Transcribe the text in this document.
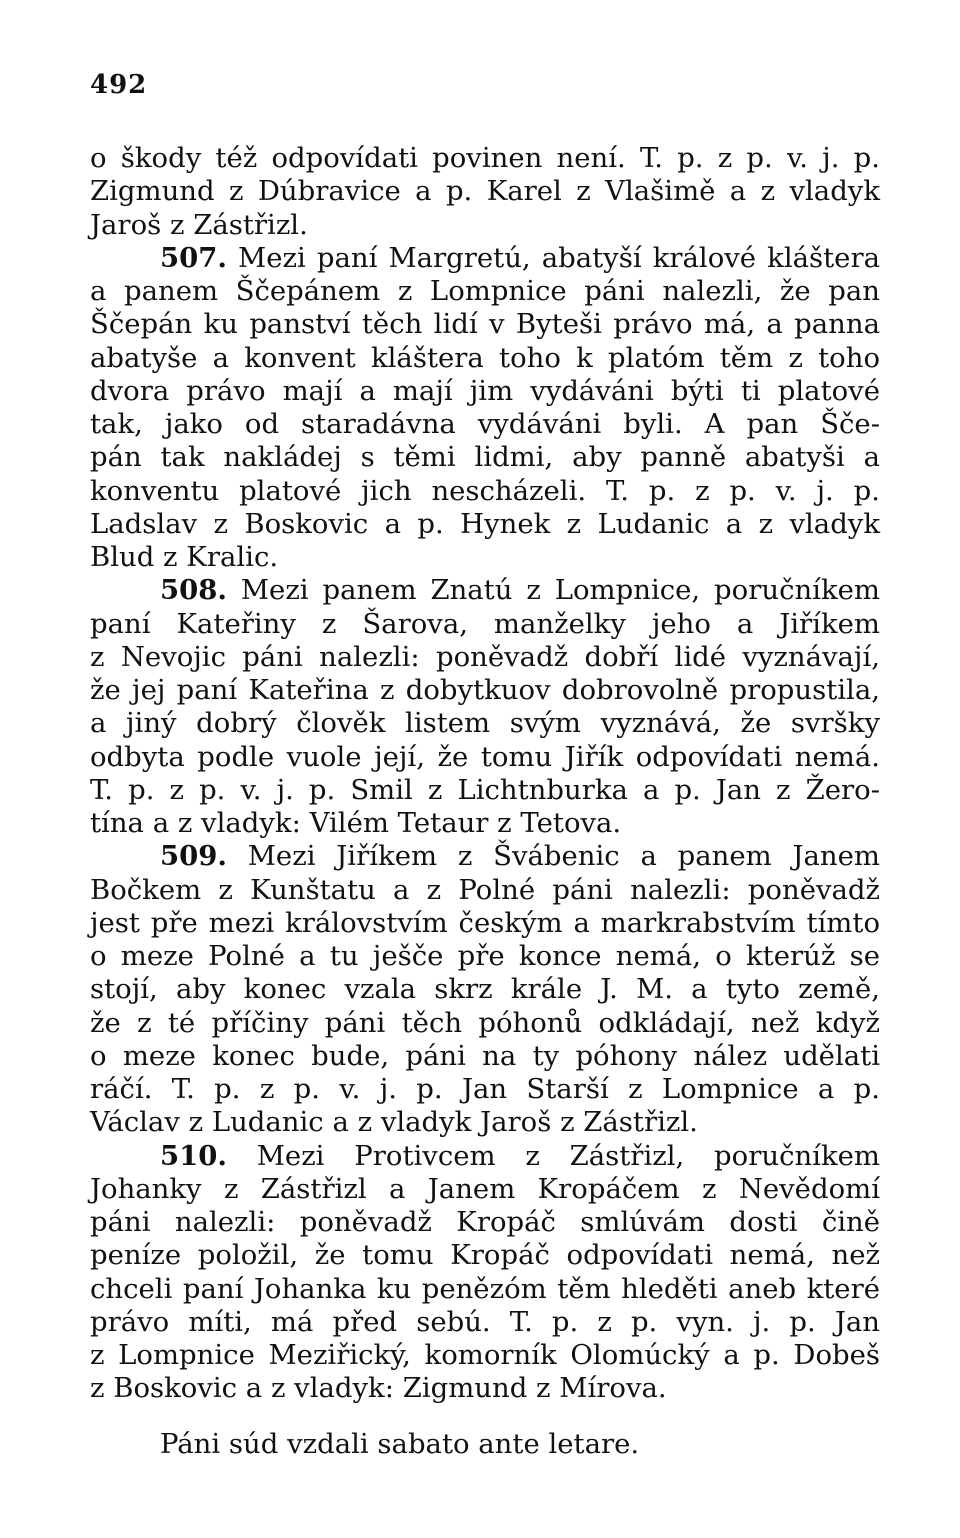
492
o škody též odpovídati povinen není. T. p. z p. v. j. p.
Zigmund z Dúbravice a p. Karel z Vlašimě a z vladyk
Jaroš z Zástřizl.
507. Mezi paní Margretú, abatyší králové kláštera
a panem Ščepánem z Lompnice páni nalezli, že pan
Ščepán ku panství těch lidí v Byteši právo má, a panna
abatyše a konvent kláštera toho k platóm těm z toho
dvora právo mají a mají jim vydáváni býti ti platové
tak, jako od staradávna vydáváni byli. A pan Šče-
pán tak nakládej s těmi lidmi, aby panně abatyši a
konventu platové jich nescházeli. T. p. z p. v. j. p.
Ladslav z Boskovic a p. Hynek z Ludanic a z vladyk
Blud z Kralic.
508. Mezi panem Znatú z Lompnice, poručníkem
paní Kateřiny z Šarova, manželky jeho a Jiříkem
z Nevojic páni nalezli: poněvadž dobří lidé vyznávají,
že jej paní Kateřina z dobytkuov dobrovolně propustila,
a jiný dobrý člověk listem svým vyznává, že svršky
odbyta podle vuole její, že tomu Jiřík odpovídati nemá.
T. p. z p. v. j. p. Smil z Lichtnburka a p. Jan z Žero-
tína a z vladyk: Vilém Tetaur z Tetova.
509. Mezi Jiříkem z Švábenic a panem Janem
Bočkem z Kunštatu a z Polné páni nalezli: poněvadž
jest pře mezi královstvím českým a markrabstvím tímto
o meze Polné a tu ješče pře konce nemá, o kterúž se
stojí, aby konec vzala skrz krále J. M. a tyto země,
že z té příčiny páni těch póhonů odkládají, než když
o meze konec bude, páni na ty póhony nález udělati
ráčí. T. p. z p. v. j. p. Jan Starší z Lompnice a p.
Václav z Ludanic a z vladyk Jaroš z Zástřizl.
510. Mezi Protivcem z Zástřizl, poručníkem
Johanky z Zástřizl a Janem Kropáčem z Nevědomí
páni nalezli: poněvadž Kropáč smlúvám dosti čině
peníze položil, že tomu Kropáč odpovídati nemá, než
chceli paní Johanka ku penězóm těm hleděti aneb které
právo míti, má před sebú. T. p. z p. vyn. j. p. Jan
z Lompnice Meziřický, komorník Olomúcký a p. Dobeš
z Boskovic a z vladyk: Zigmund z Mírova.
Páni súd vzdali sabato ante letare.
